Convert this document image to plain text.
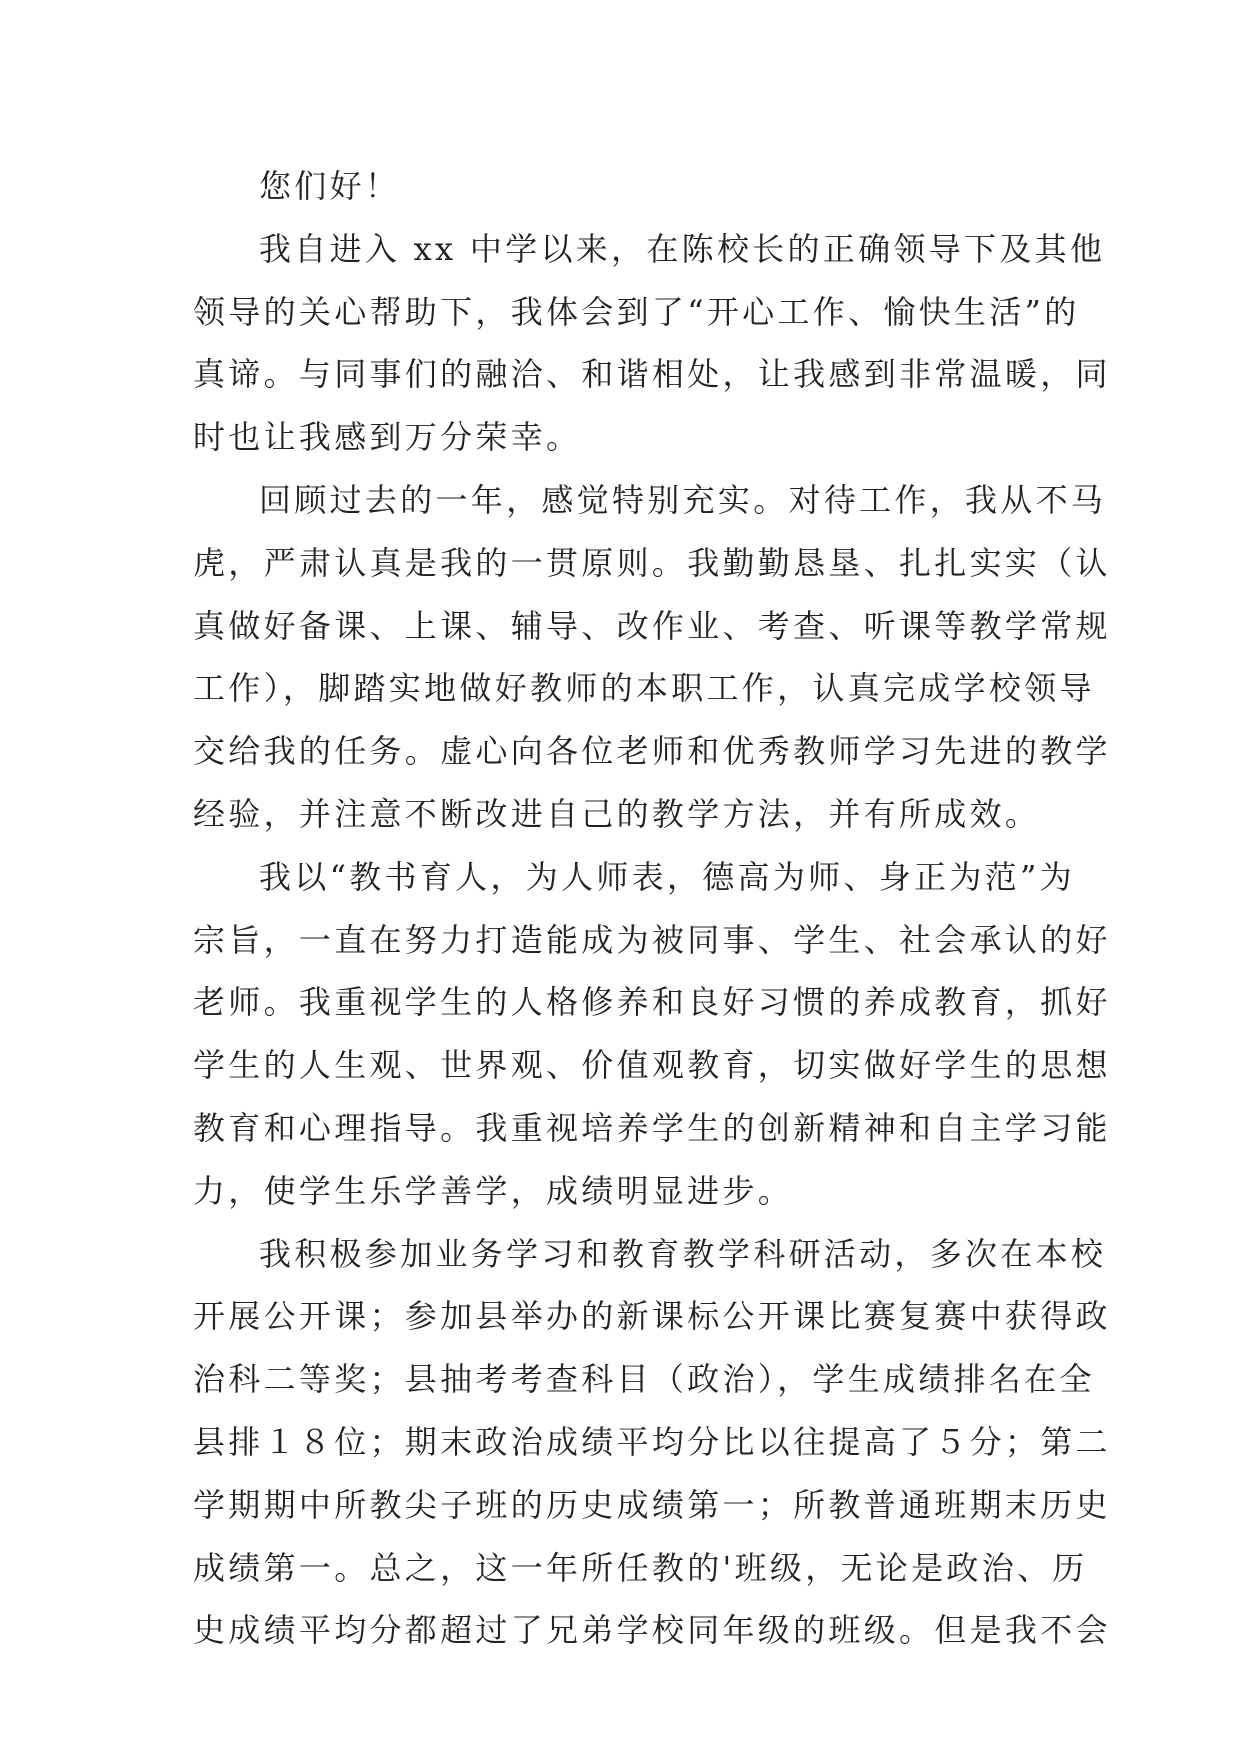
您们好！
我自进入 xx 中学以来，在陈校长的正确领导下及其他
领导的关心帮助下，我体会到了“开心工作、愉快生活”的
真谛。与同事们的融洽、和谐相处，让我感到非常温暖，同
时也让我感到万分荣幸。
回顾过去的一年，感觉特别充实。对待工作，我从不马
虎，严肃认真是我的一贯原则。我勤勤恳垦、扎扎实实（认
真做好备课、上课、辅导、改作业、考查、听课等教学常规
工作），脚踏实地做好教师的本职工作，认真完成学校领导
交给我的任务。虚心向各位老师和优秀教师学习先进的教学
经验，并注意不断改进自己的教学方法，并有所成效。
我以“教书育人，为人师表，德高为师、身正为范”为
宗旨，一直在努力打造能成为被同事、学生、社会承认的好
老师。我重视学生的人格修养和良好习惯的养成教育，抓好
学生的人生观、世界观、价值观教育，切实做好学生的思想
教育和心理指导。我重视培养学生的创新精神和自主学习能
力，使学生乐学善学，成绩明显进步。
我积极参加业务学习和教育教学科研活动，多次在本校
开展公开课；参加县举办的新课标公开课比赛复赛中获得政
治科二等奖；县抽考考查科目（政治），学生成绩排名在全
县排１８位；期末政治成绩平均分比以往提高了５分；第二
学期期中所教尖子班的历史成绩第一；所教普通班期末历史
成绩第一。总之，这一年所任教的'班级，无论是政治、历
史成绩平均分都超过了兄弟学校同年级的班级。但是我不会
